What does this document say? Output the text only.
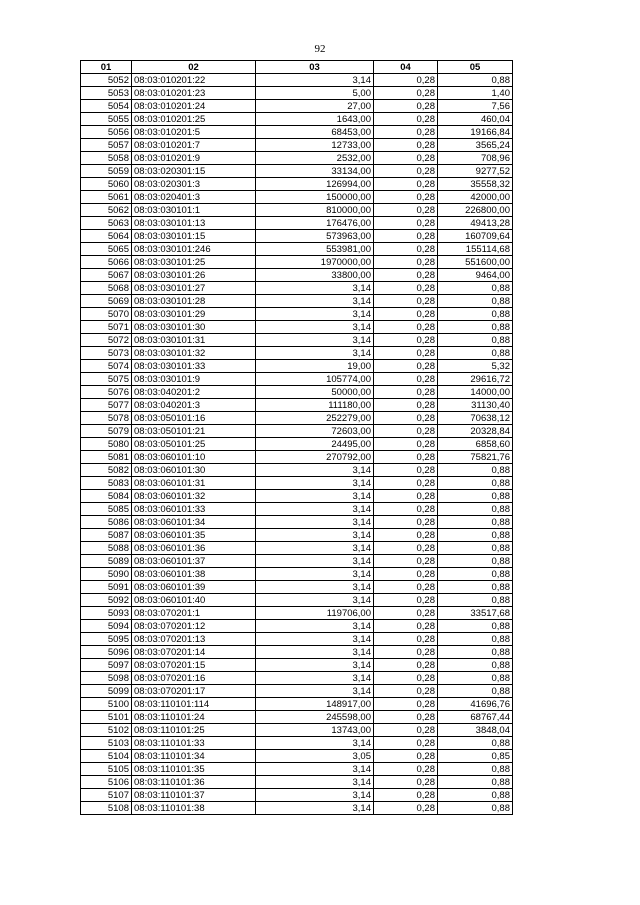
92
01	02	03	04	05
5052	08:03:010201:22	3,14	0,28	0,88
5053	08:03:010201:23	5,00	0,28	1,40
5054	08:03:010201:24	27,00	0,28	7,56
5055	08:03:010201:25	1643,00	0,28	460,04
5056	08:03:010201:5	68453,00	0,28	19166,84
5057	08:03:010201:7	12733,00	0,28	3565,24
5058	08:03:010201:9	2532,00	0,28	708,96
5059	08:03:020301:15	33134,00	0,28	9277,52
5060	08:03:020301:3	126994,00	0,28	35558,32
5061	08:03:020401:3	150000,00	0,28	42000,00
5062	08:03:030101:1	810000,00	0,28	226800,00
5063	08:03:030101:13	176476,00	0,28	49413,28
5064	08:03:030101:15	573963,00	0,28	160709,64
5065	08:03:030101:246	553981,00	0,28	155114,68
5066	08:03:030101:25	1970000,00	0,28	551600,00
5067	08:03:030101:26	33800,00	0,28	9464,00
5068	08:03:030101:27	3,14	0,28	0,88
5069	08:03:030101:28	3,14	0,28	0,88
5070	08:03:030101:29	3,14	0,28	0,88
5071	08:03:030101:30	3,14	0,28	0,88
5072	08:03:030101:31	3,14	0,28	0,88
5073	08:03:030101:32	3,14	0,28	0,88
5074	08:03:030101:33	19,00	0,28	5,32
5075	08:03:030101:9	105774,00	0,28	29616,72
5076	08:03:040201:2	50000,00	0,28	14000,00
5077	08:03:040201:3	111180,00	0,28	31130,40
5078	08:03:050101:16	252279,00	0,28	70638,12
5079	08:03:050101:21	72603,00	0,28	20328,84
5080	08:03:050101:25	24495,00	0,28	6858,60
5081	08:03:060101:10	270792,00	0,28	75821,76
5082	08:03:060101:30	3,14	0,28	0,88
5083	08:03:060101:31	3,14	0,28	0,88
5084	08:03:060101:32	3,14	0,28	0,88
5085	08:03:060101:33	3,14	0,28	0,88
5086	08:03:060101:34	3,14	0,28	0,88
5087	08:03:060101:35	3,14	0,28	0,88
5088	08:03:060101:36	3,14	0,28	0,88
5089	08:03:060101:37	3,14	0,28	0,88
5090	08:03:060101:38	3,14	0,28	0,88
5091	08:03:060101:39	3,14	0,28	0,88
5092	08:03:060101:40	3,14	0,28	0,88
5093	08:03:070201:1	119706,00	0,28	33517,68
5094	08:03:070201:12	3,14	0,28	0,88
5095	08:03:070201:13	3,14	0,28	0,88
5096	08:03:070201:14	3,14	0,28	0,88
5097	08:03:070201:15	3,14	0,28	0,88
5098	08:03:070201:16	3,14	0,28	0,88
5099	08:03:070201:17	3,14	0,28	0,88
5100	08:03:110101:114	148917,00	0,28	41696,76
5101	08:03:110101:24	245598,00	0,28	68767,44
5102	08:03:110101:25	13743,00	0,28	3848,04
5103	08:03:110101:33	3,14	0,28	0,88
5104	08:03:110101:34	3,05	0,28	0,85
5105	08:03:110101:35	3,14	0,28	0,88
5106	08:03:110101:36	3,14	0,28	0,88
5107	08:03:110101:37	3,14	0,28	0,88
5108	08:03:110101:38	3,14	0,28	0,88
